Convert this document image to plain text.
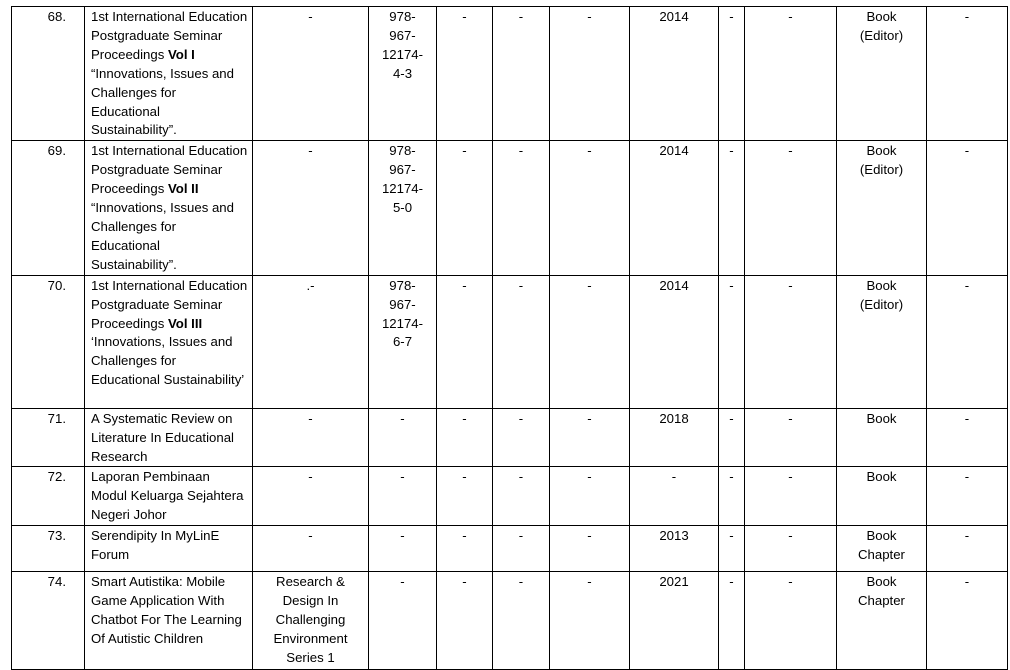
68.	1st International Education Postgraduate Seminar Proceedings Vol I “Innovations, Issues and Challenges for Educational Sustainability”.	-	978-
967-
12174-
4-3	-	-	-	2014	-	-	Book
(Editor)	-
69.	1st International Education Postgraduate Seminar Proceedings Vol II “Innovations, Issues and Challenges for Educational Sustainability”.	-	978-
967-
12174-
5-0	-	-	-	2014	-	-	Book
(Editor)	-
70.	1st International Education Postgraduate Seminar Proceedings Vol III ‘Innovations, Issues and Challenges for Educational Sustainability’	.-	978-
967-
12174-
6-7	-	-	-	2014	-	-	Book
(Editor)	-
71.	A Systematic Review on Literature In Educational Research	-	-	-	-	-	2018	-	-	Book	-
72.	Laporan Pembinaan Modul Keluarga Sejahtera Negeri Johor	-	-	-	-	-	-	-	-	Book	-
73.	Serendipity In MyLinE Forum	-	-	-	-	-	2013	-	-	Book
Chapter	-
74.	Smart Autistika: Mobile Game Application With Chatbot For The Learning Of Autistic Children	Research &
Design In
Challenging
Environment
Series 1	-	-	-	-	2021	-	-	Book
Chapter	-
